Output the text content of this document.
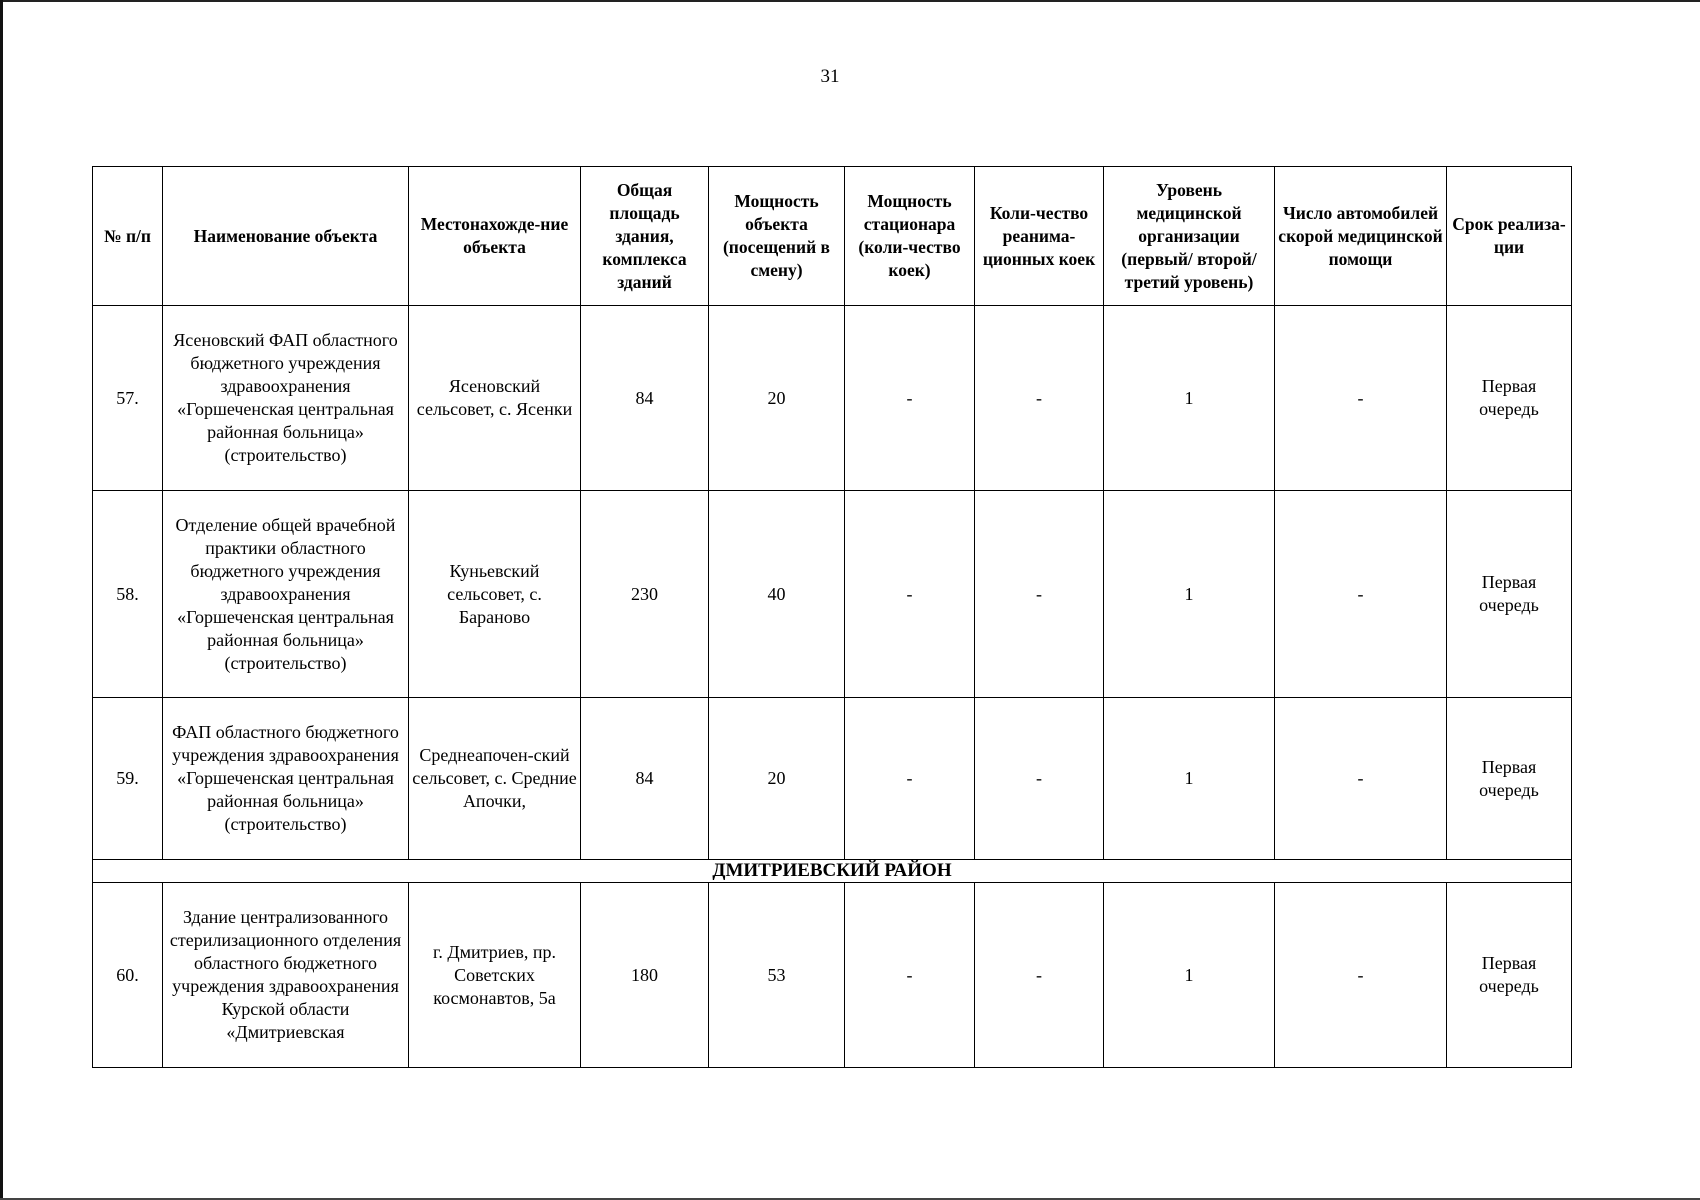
31
№ п/п	Наименование объекта	Местонахожде-ние объекта	Общая площадь здания, комплекса зданий	Мощность объекта (посещений в смену)	Мощность стационара (коли-чество коек)	Коли-чество реанима-ционных коек	Уровень медицинской организации (первый/ второй/ третий уровень)	Число автомобилей скорой медицинской помощи	Срок реализа-ции
57.	Ясеновский ФАП областного бюджетного учреждения здравоохранения «Горшеченская центральная районная больница» (строительство)	Ясеновский сельсовет, с. Ясенки	84	20	-	-	1	-	Первая очередь
58.	Отделение общей врачебной практики областного бюджетного учреждения здравоохранения «Горшеченская центральная районная больница» (строительство)	Куньевский сельсовет, с. Бараново	230	40	-	-	1	-	Первая очередь
59.	ФАП областного бюджетного учреждения здравоохранения «Горшеченская центральная районная больница» (строительство)	Среднеапочен-ский сельсовет, с. Средние Апочки,	84	20	-	-	1	-	Первая очередь
ДМИТРИЕВСКИЙ РАЙОН									
60.	Здание централизованного стерилизационного отделения областного бюджетного учреждения здравоохранения Курской области «Дмитриевская	г. Дмитриев, пр. Советских космонавтов, 5а	180	53	-	-	1	-	Первая очередь
